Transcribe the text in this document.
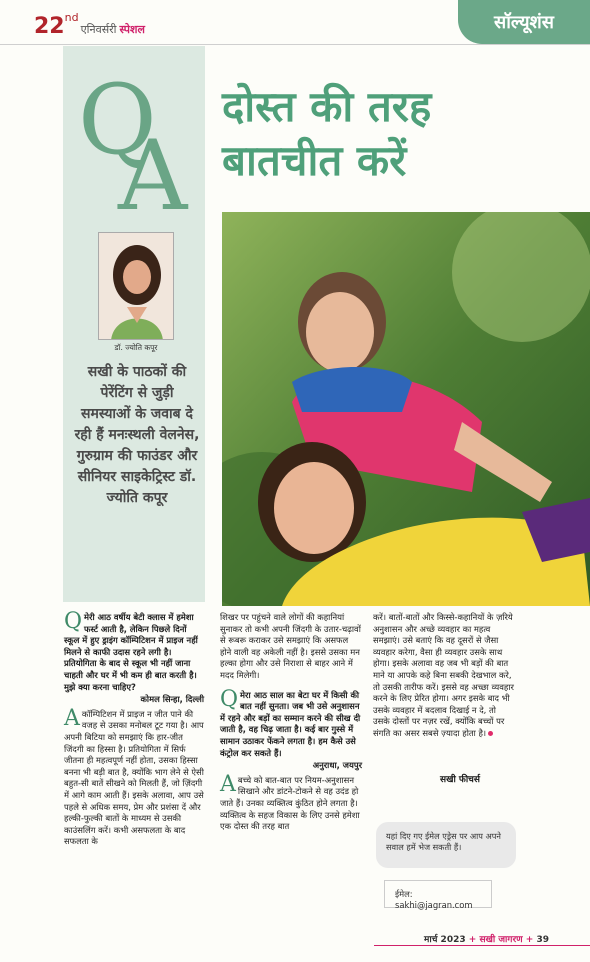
22 nd
एनिवर्सरी स्पेशल	सॉल्यूशंस
Q
A
डॉ. ज्योति कपूर
सखी के पाठकों की पेरेंटिंग से जुड़ी समस्याओं के जवाब दे रही हैं मनःस्थली वेलनेस, गुरुग्राम की फाउंडर और सीनियर साइकेट्रिस्ट डॉ. ज्योति कपूर
दोस्त की तरह
बातचीत करें
Q मेरी आठ वर्षीय बेटी क्लास में हमेशा फर्स्ट आती है, लेकिन पिछले दिनों स्कूल में हुए ड्राइंग कॉम्पिटिशन में प्राइज नहीं मिलने से काफी उदास रहने लगी है। प्रतियोगिता के बाद से स्कूल भी नहीं जाना चाहती और घर में भी कम ही बात करती है। मुझे क्या करना चाहिए?
कोमल सिन्हा, दिल्ली
A कॉम्पिटिशन में प्राइज न जीत पाने की वजह से उसका मनोबल टूट गया है। आप अपनी बिटिया को समझाएं कि हार-जीत जिंदगी का हिस्सा है। प्रतियोगिता में सिर्फ जीतना ही महत्वपूर्ण नहीं होता, उसका हिस्सा बनना भी बड़ी बात है, क्योंकि भाग लेने से ऐसी बहुत-सी बातें सीखने को मिलती हैं, जो ज़िंदगी में आगे काम आती हैं। इसके अलावा, आप उसे पहले से अधिक समय, प्रेम और प्रशंसा दें और हल्की-फुल्की बातों के माध्यम से उसकी काउंसलिंग करें। कभी असफलता के बाद सफलता के
शिखर पर पहुंचने वाले लोगों की कहानियां सुनाकर तो कभी अपनी जिंदगी के उतार-चढ़ावों से रूबरू कराकर उसे समझाएं कि असफल होने वाली वह अकेली नहीं है। इससे उसका मन हल्का होगा और उसे निराशा से बाहर आने में मदद मिलेगी।
Q मेरा आठ साल का बेटा घर में किसी की बात नहीं सुनता। जब भी उसे अनुशासन में रहने और बड़ों का सम्मान करने की सीख दी जाती है, वह चिढ़ जाता है। कई बार गुस्से में सामान उठाकर फेंकने लगता है। हम कैसे उसे कंट्रोल कर सकते हैं।
अनुराधा, जयपुर
A बच्चे को बात-बात पर नियम-अनुशासन सिखाने और डांटने-टोकने से वह उदंड हो जाते हैं। उनका व्यक्तित्व कुंठित होने लगता है। व्यक्तित्व के सहज विकास के लिए उनसे हमेशा एक दोस्त की तरह बात
करें। बातों-बातों और किस्से-कहानियों के ज़रिये अनुशासन और अच्छे व्यवहार का महत्व समझाएं। उसे बताएं कि वह दूसरों से जैसा व्यवहार करेगा, वैसा ही व्यवहार उसके साथ होगा। इसके अलावा वह जब भी बड़ों की बात माने या आपके कहे बिना सबकी देखभाल करे, तो उसकी तारीफ करें। इससे वह अच्छा व्यवहार करने के लिए प्रेरित होगा। अगर इसके बाद भी उसके व्यवहार में बदलाव दिखाई न दे, तो उसके दोस्तों पर नज़र रखें, क्योंकि बच्चों पर संगति का असर सबसे ज़्यादा होता है।
सखी फीचर्स
यहां दिए गए ईमेल एड्रेस पर आप अपने सवाल हमें भेज सकती हैं।
ईमेल: sakhi@jagran.com
मार्च 2023 + सखी जागरण + 39
